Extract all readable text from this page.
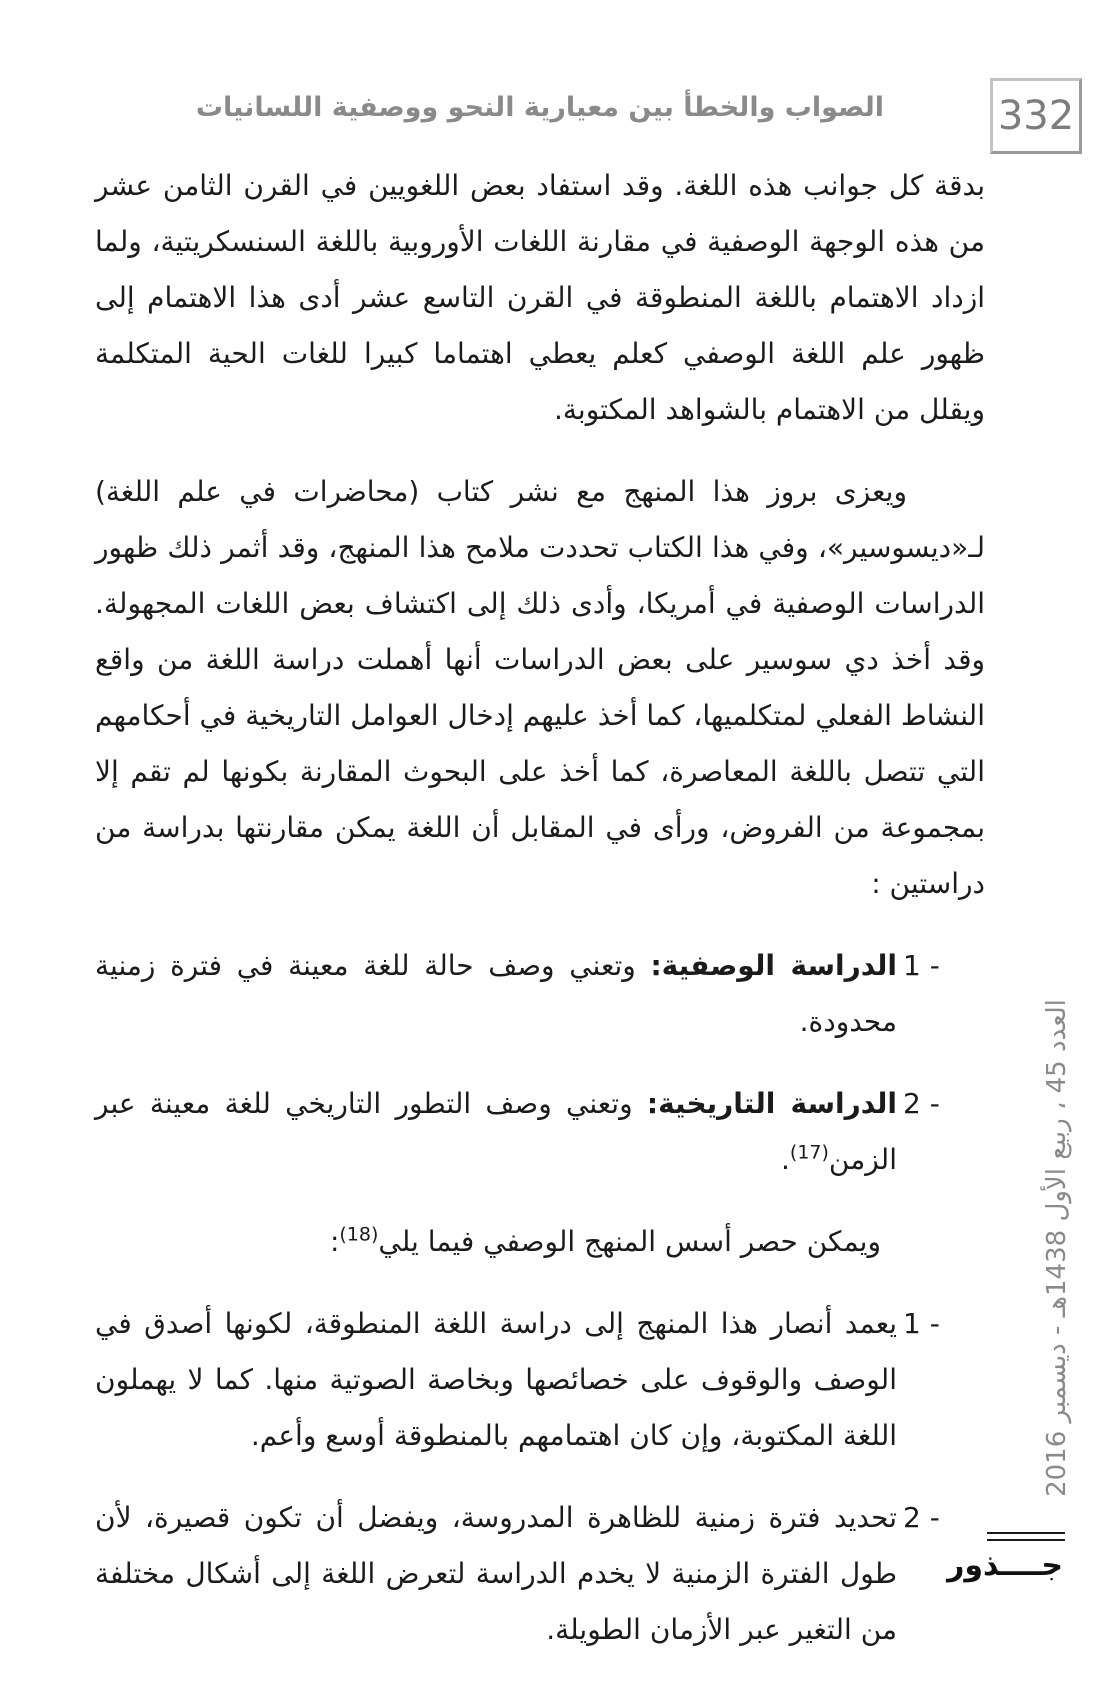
الصواب والخطأ بين معيارية النحو ووصفية اللسانيات	332

بدقة كل جوانب هذه اللغة. وقد استفاد بعض اللغويين في القرن الثامن عشر من هذه الوجهة الوصفية في مقارنة اللغات الأوروبية باللغة السنسكريتية، ولما ازداد الاهتمام باللغة المنطوقة في القرن التاسع عشر أدى هذا الاهتمام إلى ظهور علم اللغة الوصفي كعلم يعطي اهتماما كبيرا للغات الحية المتكلمة ويقلل من الاهتمام بالشواهد المكتوبة.

ويعزى بروز هذا المنهج مع نشر كتاب (محاضرات في علم اللغة) لـ«ديسوسير»، وفي هذا الكتاب تحددت ملامح هذا المنهج، وقد أثمر ذلك ظهور الدراسات الوصفية في أمريكا، وأدى ذلك إلى اكتشاف بعض اللغات المجهولة. وقد أخذ دي سوسير على بعض الدراسات أنها أهملت دراسة اللغة من واقع النشاط الفعلي لمتكلميها، كما أخذ عليهم إدخال العوامل التاريخية في أحكامهم التي تتصل باللغة المعاصرة، كما أخذ على البحوث المقارنة بكونها لم تقم إلا بمجموعة من الفروض، ورأى في المقابل أن اللغة يمكن مقارنتها بدراسة من دراستين :

1 -
الدراسة الوصفية: وتعني وصف حالة للغة معينة في فترة زمنية محدودة.
2 -
الدراسة التاريخية: وتعني وصف التطور التاريخي للغة معينة عبر الزمن$^{(17)}$.

ويمكن حصر أسس المنهج الوصفي فيما يلي$^{(18)}$:

1 -
يعمد أنصار هذا المنهج إلى دراسة اللغة المنطوقة، لكونها أصدق في الوصف والوقوف على خصائصها وبخاصة الصوتية منها. كما لا يهملون اللغة المكتوبة، وإن كان اهتمامهم بالمنطوقة أوسع وأعم.
2 -
تحديد فترة زمنية للظاهرة المدروسة، ويفضل أن تكون قصيرة، لأن طول الفترة الزمنية لا يخدم الدراسة لتعرض اللغة إلى أشكال مختلفة من التغير عبر الأزمان الطويلة.
العدد 45 ، ربيع الأول 1438هـ - ديسمبر 2016
جــــذور
